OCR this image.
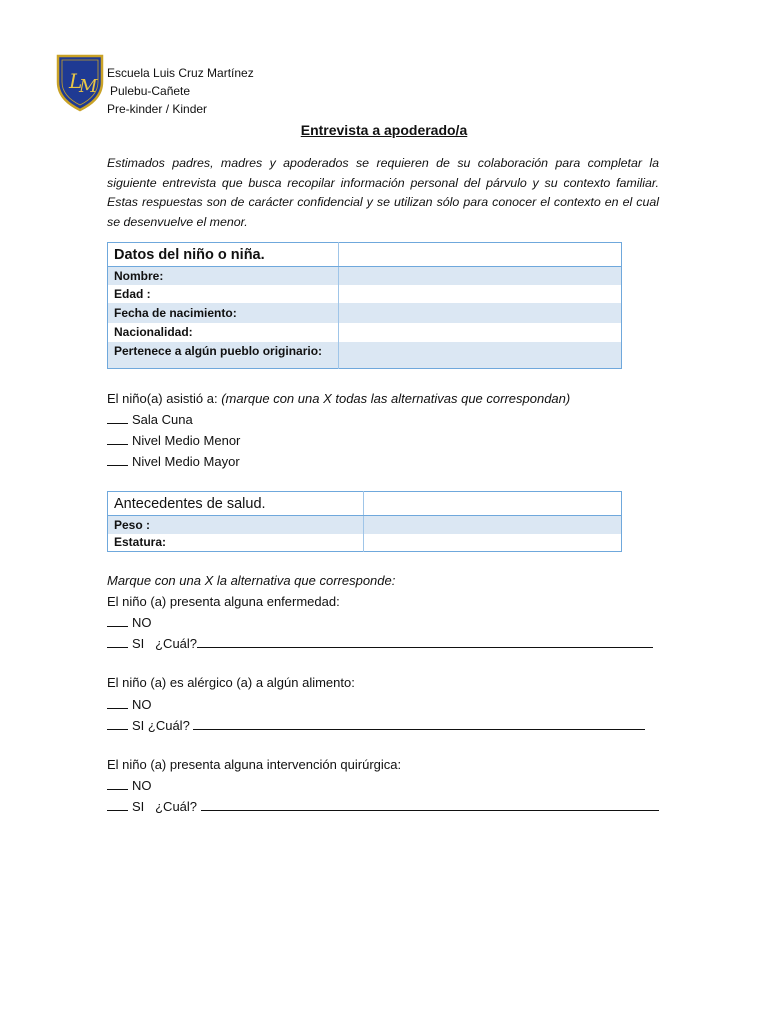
L
M
Escuela Luis Cruz Martínez
Pulebu-Cañete
Pre-kinder / Kinder
Entrevista a apoderado/a
Estimados padres, madres y apoderados se requieren de su colaboración para completar la siguiente entrevista que busca recopilar información personal del párvulo y su contexto familiar. Estas respuestas son de carácter confidencial y se utilizan sólo para conocer el contexto en el cual se desenvuelve el menor.
Datos del niño o niña.	
Nombre:	
Edad :	
Fecha de nacimiento:	
Nacionalidad:	
Pertenece a algún pueblo originario:	
El niño(a) asistió a: (marque con una X todas las alternativas que correspondan)
Sala Cuna
Nivel Medio Menor
Nivel Medio Mayor
Antecedentes de salud.	
Peso :	
Estatura:	
Marque con una X la alternativa que corresponde:
El niño (a) presenta alguna enfermedad:
NO
SI   ¿Cuál?
El niño (a) es alérgico (a) a algún alimento:
NO
SI ¿Cuál?
El niño (a) presenta alguna intervención quirúrgica:
NO
SI   ¿Cuál?
